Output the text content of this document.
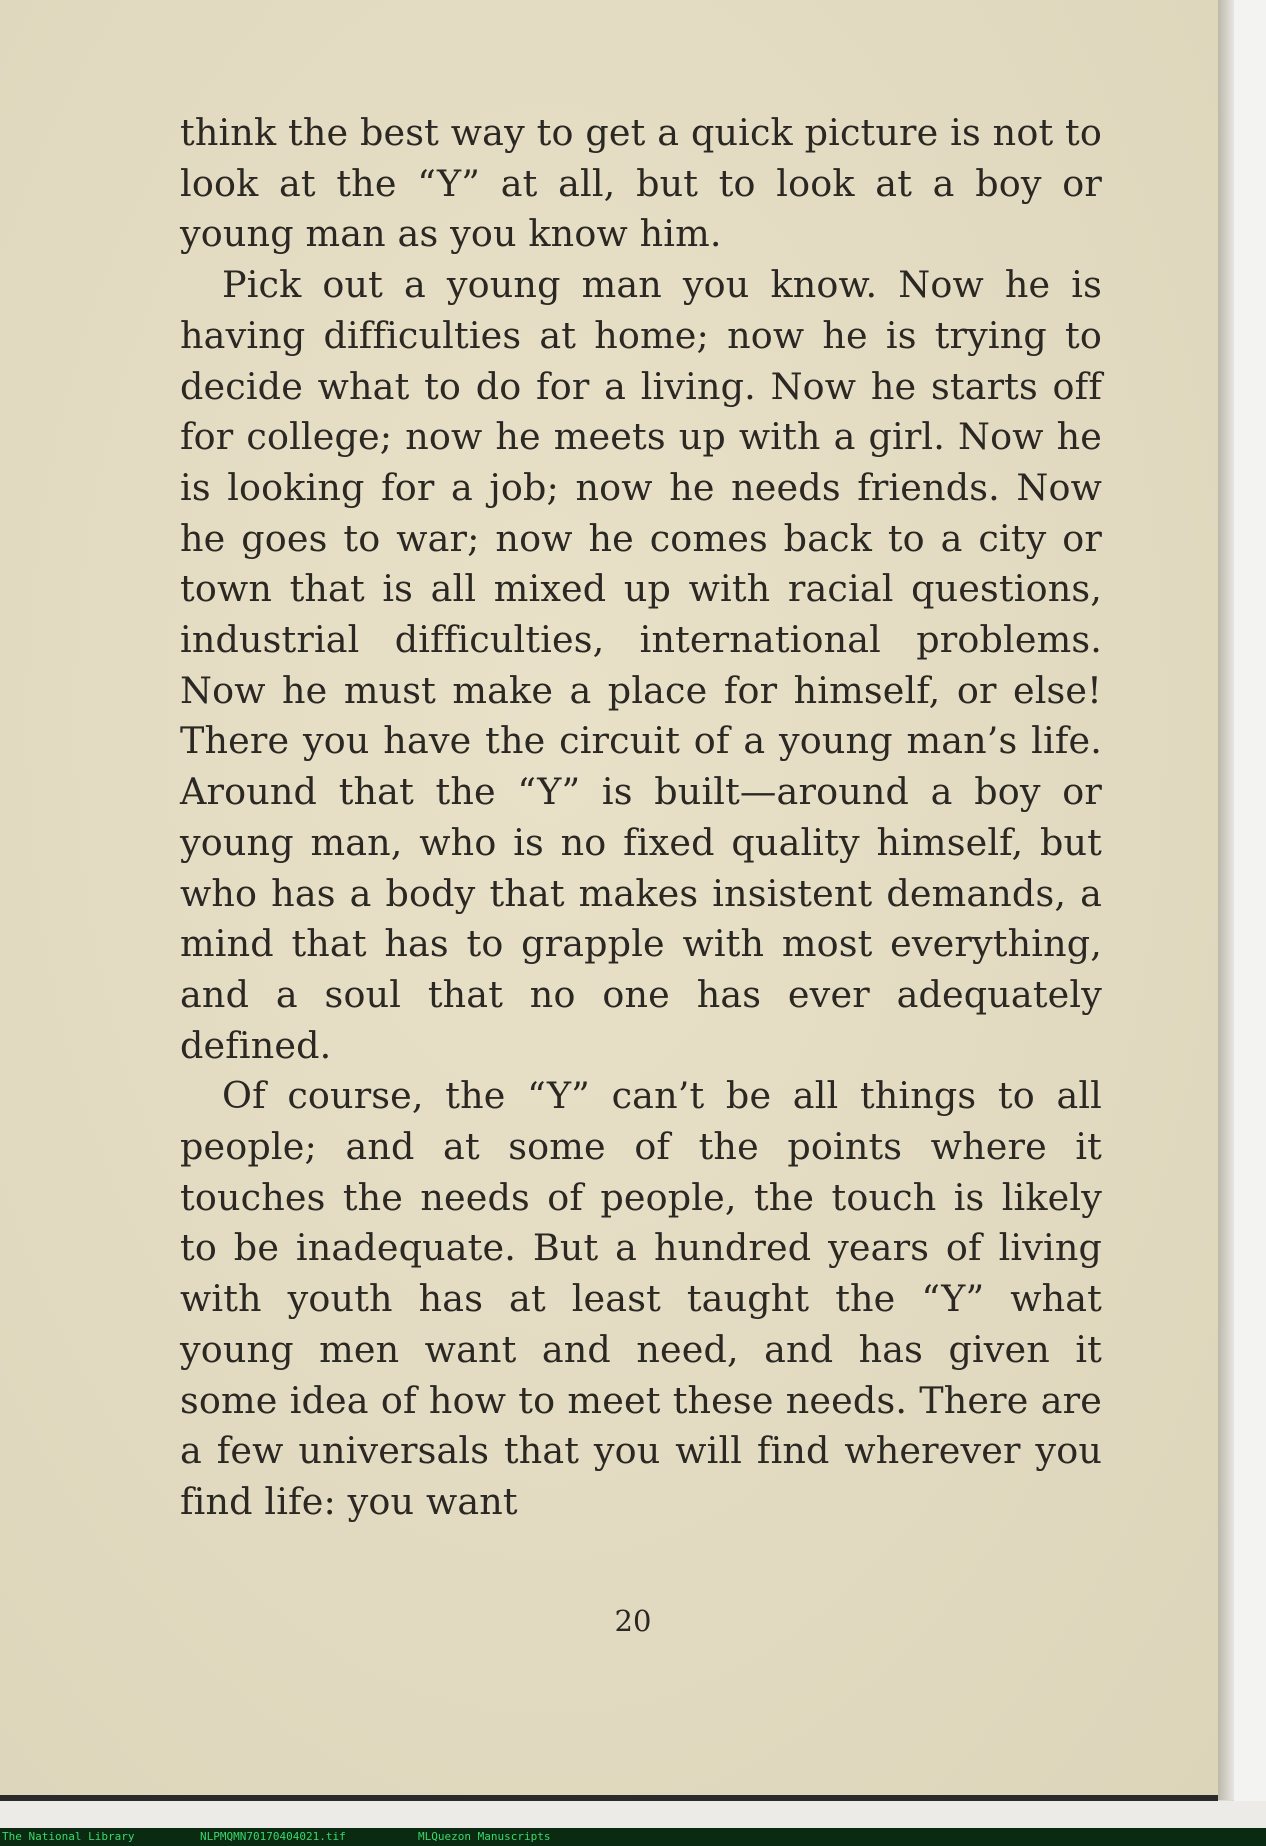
think the best way to get a quick picture is not to look at the “Y” at all, but to look at a boy or young man as you know him.

Pick out a young man you know. Now he is having difficulties at home; now he is trying to decide what to do for a living. Now he starts off for college; now he meets up with a girl. Now he is looking for a job; now he needs friends. Now he goes to war; now he comes back to a city or town that is all mixed up with racial questions, industrial difficulties, international problems. Now he must make a place for himself, or else! There you have the circuit of a young man’s life. Around that the “Y” is built—around a boy or young man, who is no fixed quality himself, but who has a body that makes insistent demands, a mind that has to grapple with most everything, and a soul that no one has ever adequately defined.

Of course, the “Y” can’t be all things to all people; and at some of the points where it touches the needs of people, the touch is likely to be inadequate. But a hundred years of living with youth has at least taught the “Y” what young men want and need, and has given it some idea of how to meet these needs. There are a few universals that you will find wherever you find life: you want

20
The National Library	NLPMQMN70170404021.tif	MLQuezon Manuscripts
